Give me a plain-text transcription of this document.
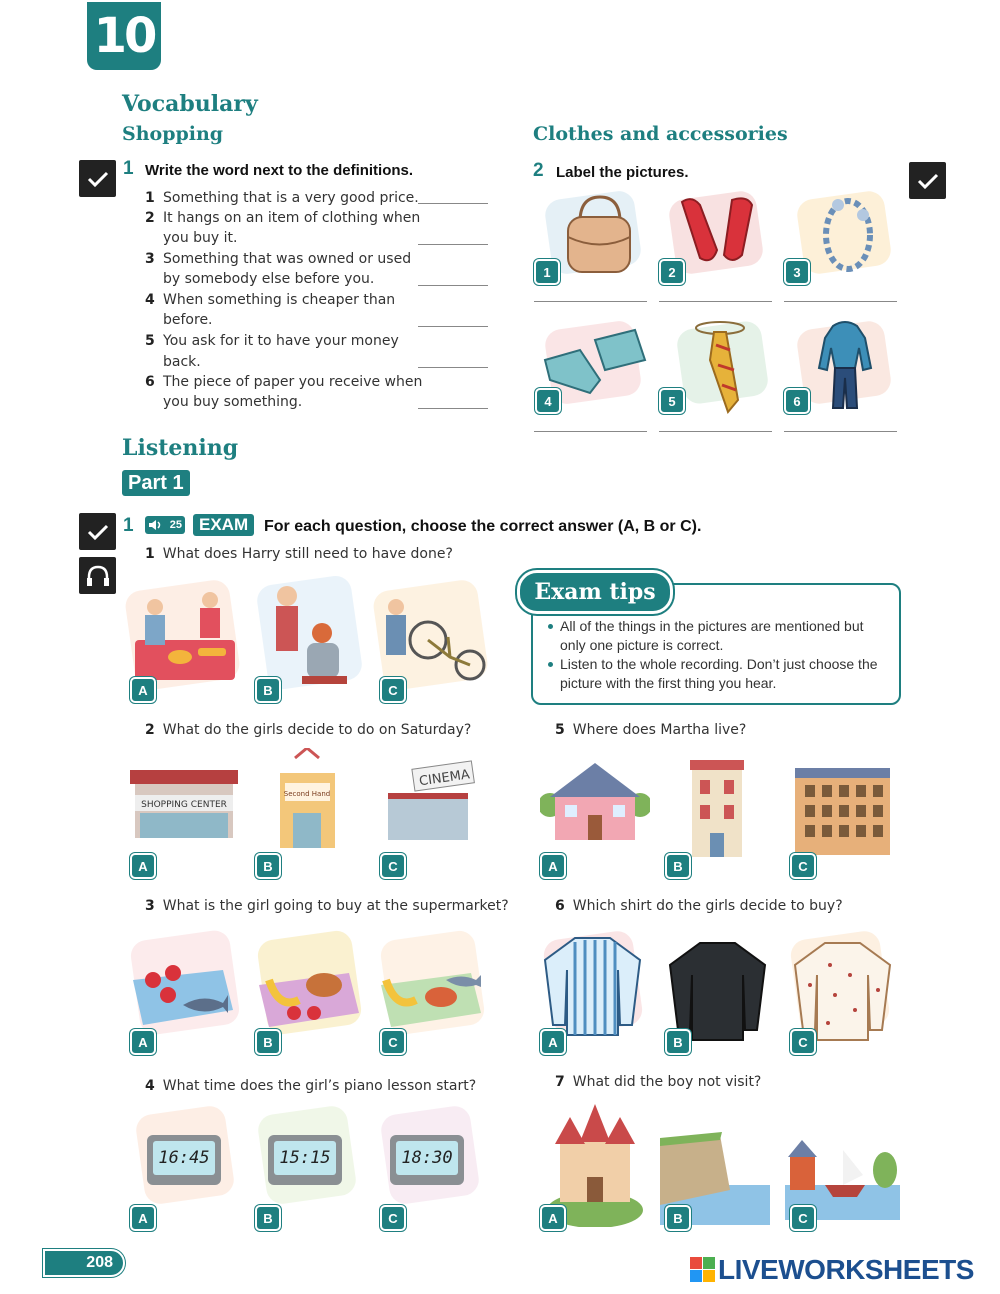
10
Vocabulary
Shopping	Clothes and accessories
1 Write the word next to the definitions.
1 Something that is a very good price.
2 It hangs on an item of clothing when
you buy it.
3 Something that was owned or used
by somebody else before you.
4 When something is cheaper than
before.
5 You ask for it to have your money back.
6 The piece of paper you receive when
you buy something.
2 Label the pictures.
1	2	3
4	5	6
Listening
Part 1
1	25	EXAM For each question, choose the correct answer (A, B or C).
1 What does Harry still need to have done?
2 What do the girls decide to do on Saturday?
3 What is the girl going to buy at the supermarket?
4 What time does the girl’s piano lesson start?
5 Where does Martha live?
6 Which shirt do the girls decide to buy?
7 What did the boy not visit?
Exam tips
All of the things in the pictures are mentioned but only one picture is correct.
Listen to the whole recording. Don’t just choose the picture with the first thing you hear.
A	B	C
SHOPPING CENTER
Second Hand
CINEMA
A	B	C
A	B	C
16:45	15:15	18:30
A	B	C
A	B	C
A	B	C
A	B	C
208	LIVEWORKSHEETS
